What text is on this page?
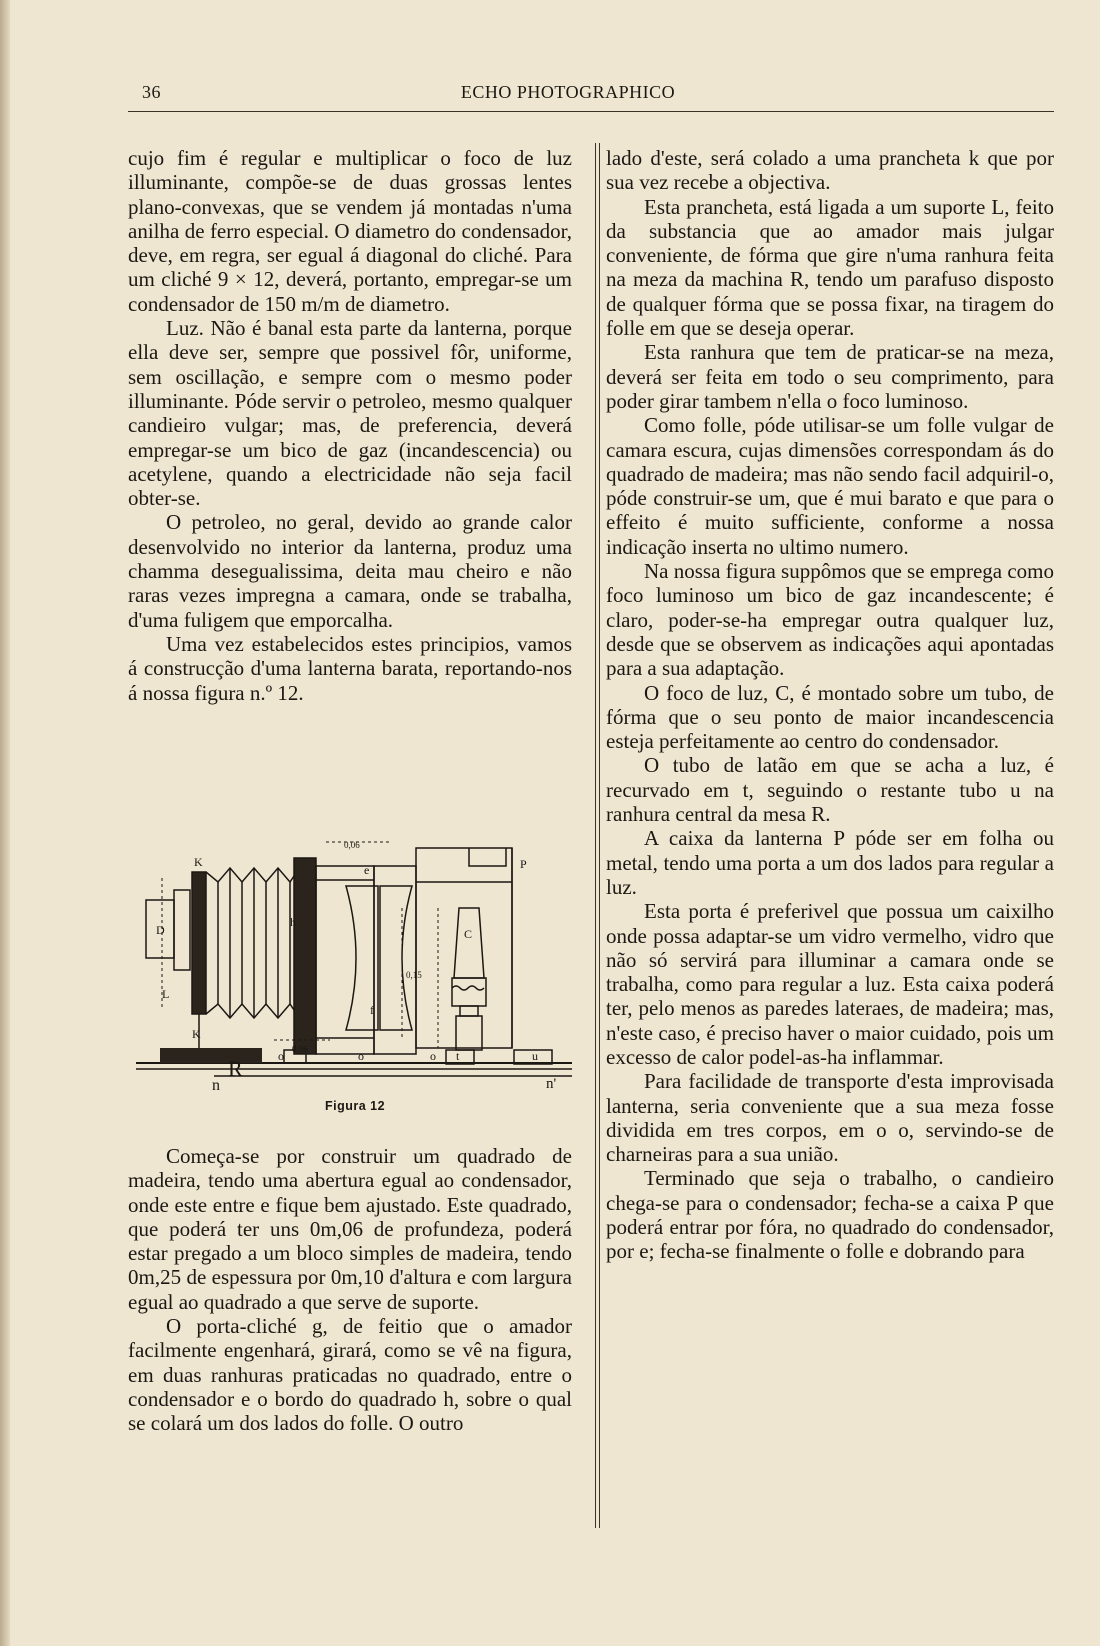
36	ECHO PHOTOGRAPHICO

cujo fim é regular e multiplicar o foco de luz illuminante, compõe-se de duas grossas lentes plano-convexas, que se vendem já montadas n'uma anilha de ferro especial. O diametro do condensador, deve, em regra, ser egual á diagonal do cliché. Para um cliché 9 × 12, deverá, portanto, empregar-se um condensador de 150 m/m de diametro.

Luz. Não é banal esta parte da lanterna, porque ella deve ser, sempre que possivel fôr, uniforme, sem oscillação, e sempre com o mesmo poder illuminante. Póde servir o petroleo, mesmo qualquer candieiro vulgar; mas, de preferencia, deverá empregar-se um bico de gaz (incandescencia) ou acetylene, quando a electricidade não seja facil obter-se.

O petroleo, no geral, devido ao grande calor desenvolvido no interior da lanterna, produz uma chamma desegualissima, deita mau cheiro e não raras vezes impregna a camara, onde se trabalha, d'uma fuligem que emporcalha.

Uma vez estabelecidos estes principios, vamos á construcção d'uma lanterna barata, reportando-nos á nossa figura n.º 12.

K
D
L
K
R
n	n'
P
C
e
h
f
t	u
o	o
o
0,06
0,06
0,15
Figura 12

Começa-se por construir um quadrado de madeira, tendo uma abertura egual ao condensador, onde este entre e fique bem ajustado. Este quadrado, que poderá ter uns 0m,06 de profundeza, poderá estar pregado a um bloco simples de madeira, tendo 0m,25 de espessura por 0m,10 d'altura e com largura egual ao quadrado a que serve de suporte.

O porta-cliché g, de feitio que o amador facilmente engenhará, girará, como se vê na figura, em duas ranhuras praticadas no quadrado, entre o condensador e o bordo do quadrado h, sobre o qual se colará um dos lados do folle. O outro

lado d'este, será colado a uma prancheta k que por sua vez recebe a objectiva.

Esta prancheta, está ligada a um suporte L, feito da substancia que ao amador mais julgar conveniente, de fórma que gire n'uma ranhura feita na meza da machina R, tendo um parafuso disposto de qualquer fórma que se possa fixar, na tiragem do folle em que se deseja operar.

Esta ranhura que tem de praticar-se na meza, deverá ser feita em todo o seu comprimento, para poder girar tambem n'ella o foco luminoso.

Como folle, póde utilisar-se um folle vulgar de camara escura, cujas dimensões correspondam ás do quadrado de madeira; mas não sendo facil adquiril-o, póde construir-se um, que é mui barato e que para o effeito é muito sufficiente, conforme a nossa indicação inserta no ultimo numero.

Na nossa figura suppômos que se emprega como foco luminoso um bico de gaz incandescente; é claro, poder-se-ha empregar outra qualquer luz, desde que se observem as indicações aqui apontadas para a sua adaptação.

O foco de luz, C, é montado sobre um tubo, de fórma que o seu ponto de maior incandescencia esteja perfeitamente ao centro do condensador.

O tubo de latão em que se acha a luz, é recurvado em t, seguindo o restante tubo u na ranhura central da mesa R.

A caixa da lanterna P póde ser em folha ou metal, tendo uma porta a um dos lados para regular a luz.

Esta porta é preferivel que possua um caixilho onde possa adaptar-se um vidro vermelho, vidro que não só servirá para illuminar a camara onde se trabalha, como para regular a luz. Esta caixa poderá ter, pelo menos as paredes lateraes, de madeira; mas, n'este caso, é preciso haver o maior cuidado, pois um excesso de calor podel-as-ha inflammar.

Para facilidade de transporte d'esta improvisada lanterna, seria conveniente que a sua meza fosse dividida em tres corpos, em o o, servindo-se de charneiras para a sua união.

Terminado que seja o trabalho, o candieiro chega-se para o condensador; fecha-se a caixa P que poderá entrar por fóra, no quadrado do condensador, por e; fecha-se finalmente o folle e dobrando para
